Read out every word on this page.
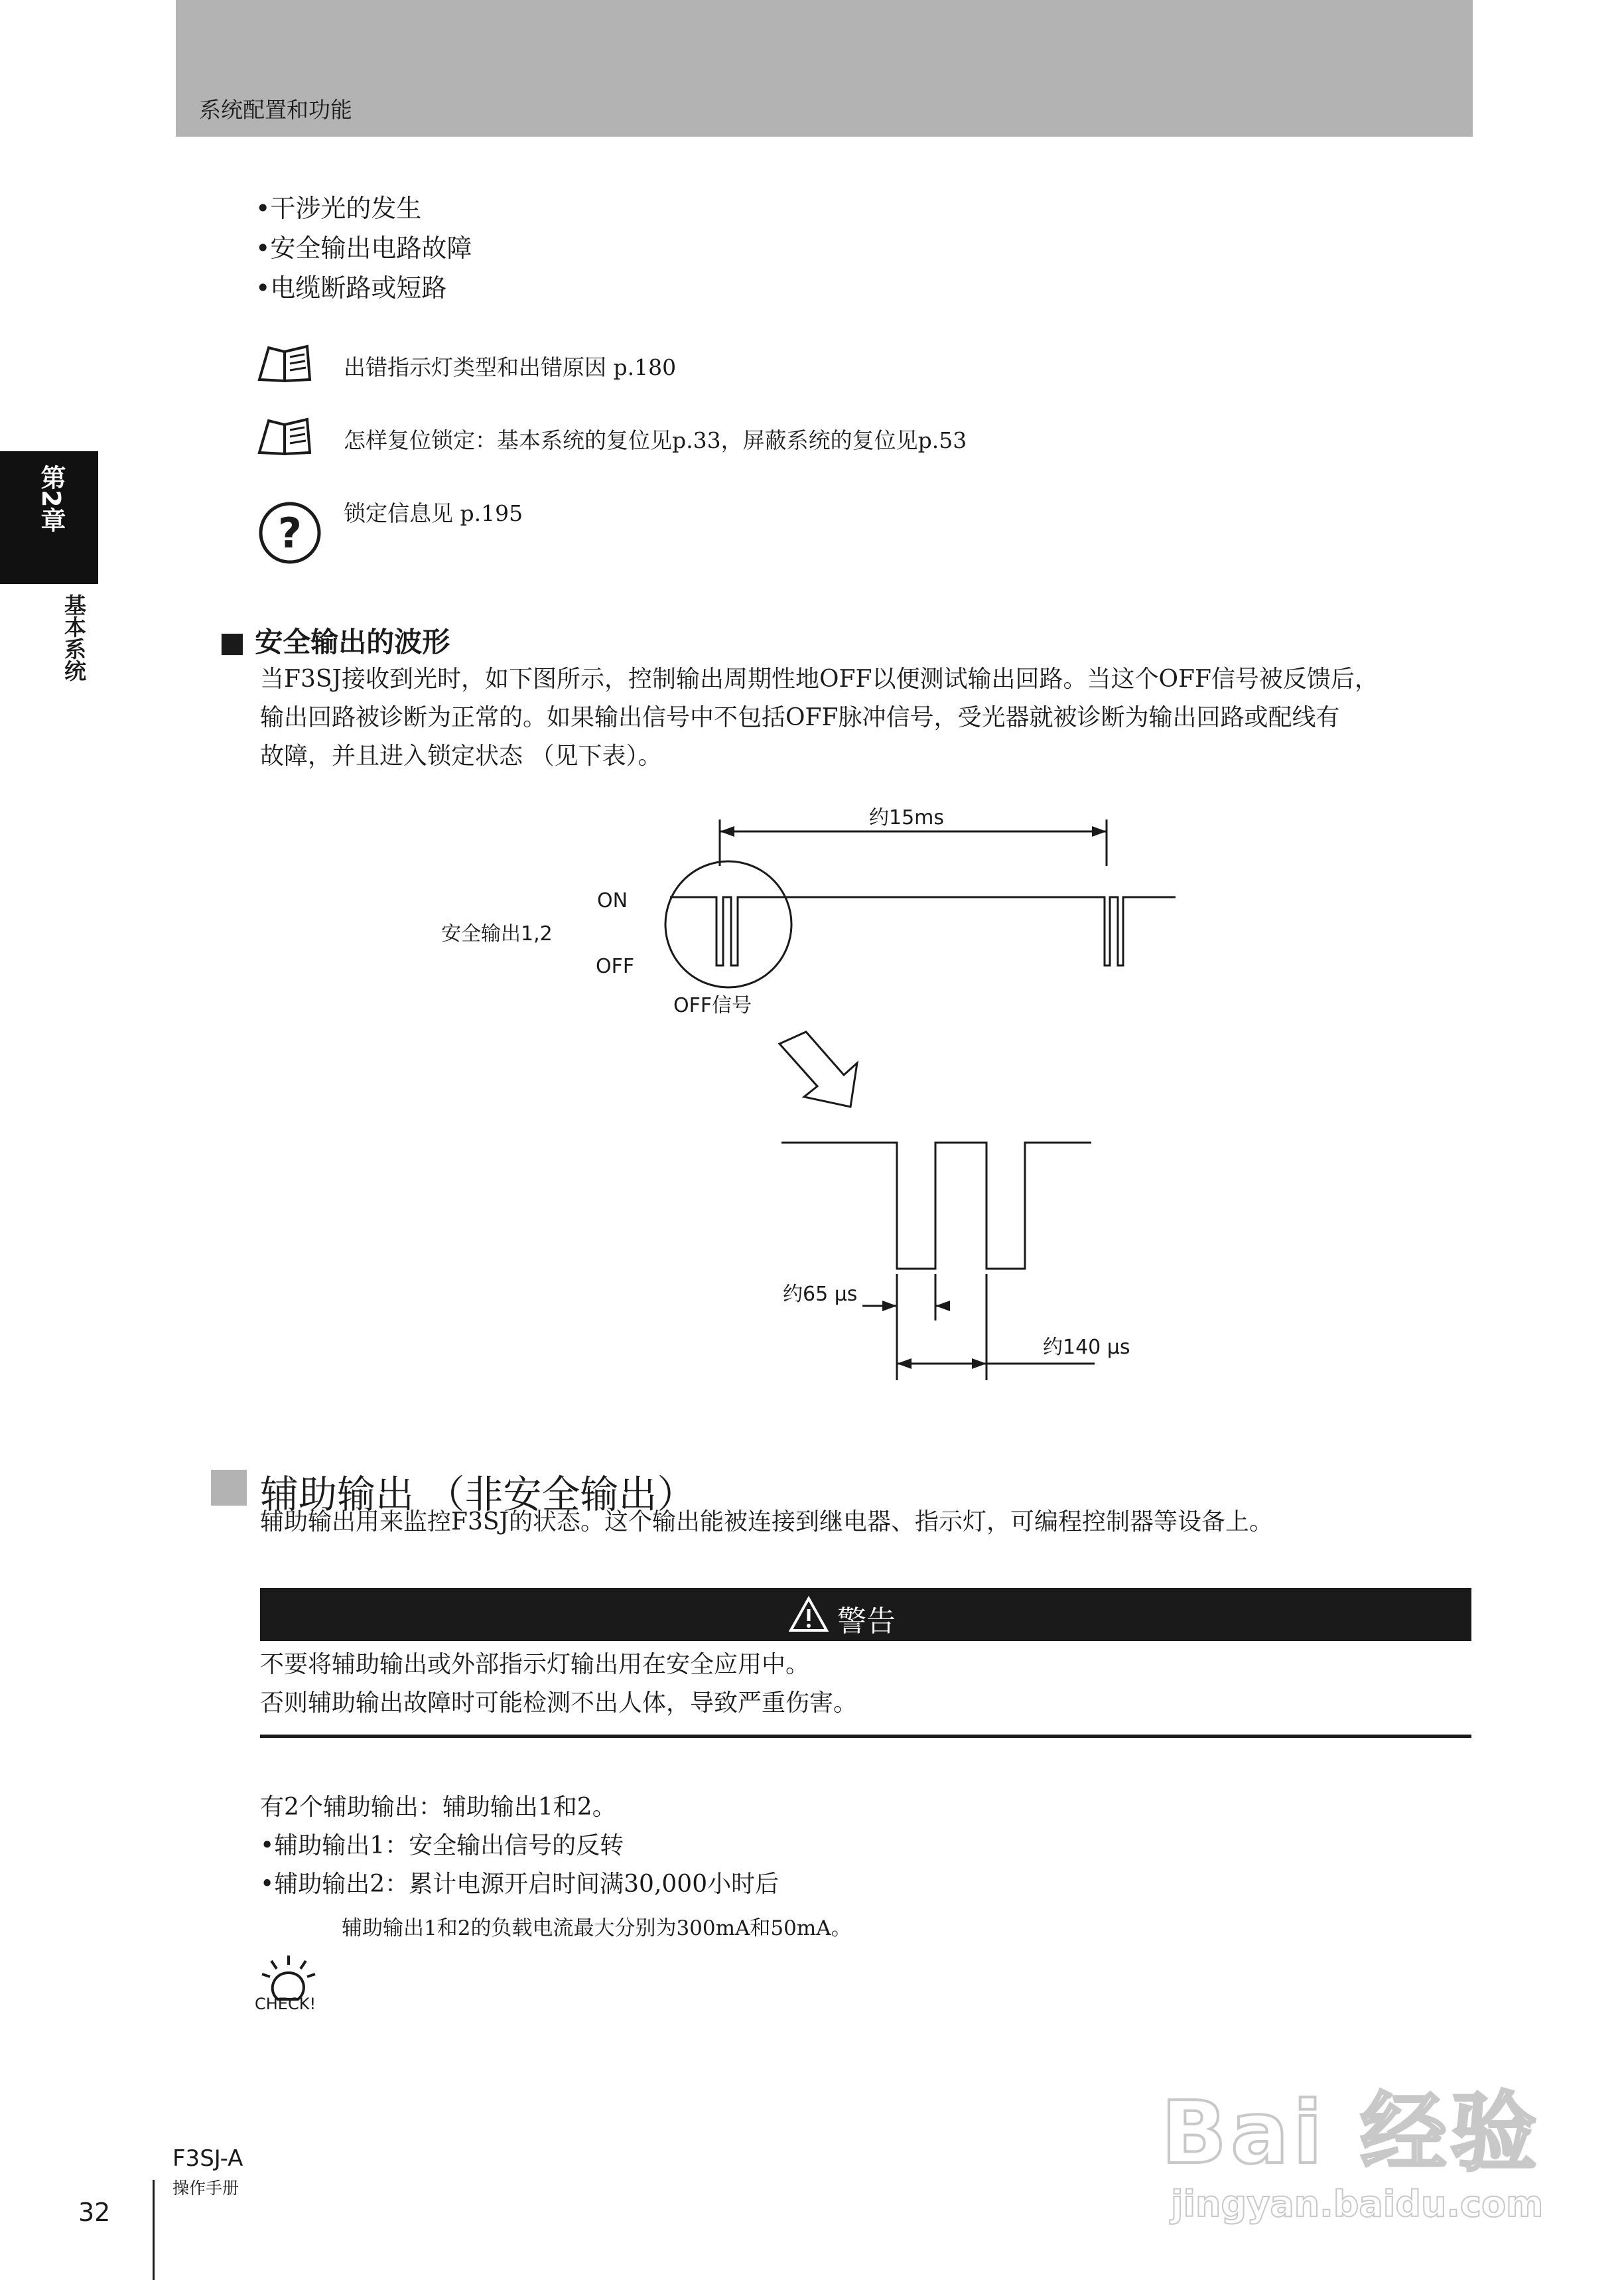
系统配置和功能
•干涉光的发生
•安全输出电路故障
•电缆断路或短路
出错指示灯类型和出错原因 p.180
怎样复位锁定：基本系统的复位见p.33，屏蔽系统的复位见p.53
? 锁定信息见 p.195
第2章
基本系统	■ 安全输出的波形
当F3SJ接收到光时，如下图所示，控制输出周期性地OFF以便测试输出回路。当这个OFF信号被反馈后，
输出回路被诊断为正常的。如果输出信号中不包括OFF脉冲信号，受光器就被诊断为输出回路或配线有
故障，并且进入锁定状态 （见下表）。
约15ms
ON
OFF
安全输出1,2
OFF信号
约65 μs
约140 μs
辅助输出 （非安全输出）
辅助输出用来监控F3SJ的状态。这个输出能被连接到继电器、指示灯，可编程控制器等设备上。
警告
不要将辅助输出或外部指示灯输出用在安全应用中。
否则辅助输出故障时可能检测不出人体，导致严重伤害。
有2个辅助输出：辅助输出1和2。
•辅助输出1：安全输出信号的反转
•辅助输出2：累计电源开启时间满30,000小时后
CHECK!
辅助输出1和2的负载电流最大分别为300mA和50mA。
32
F3SJ-A
操作手册
Bai 经验
jingyan.baidu.com
